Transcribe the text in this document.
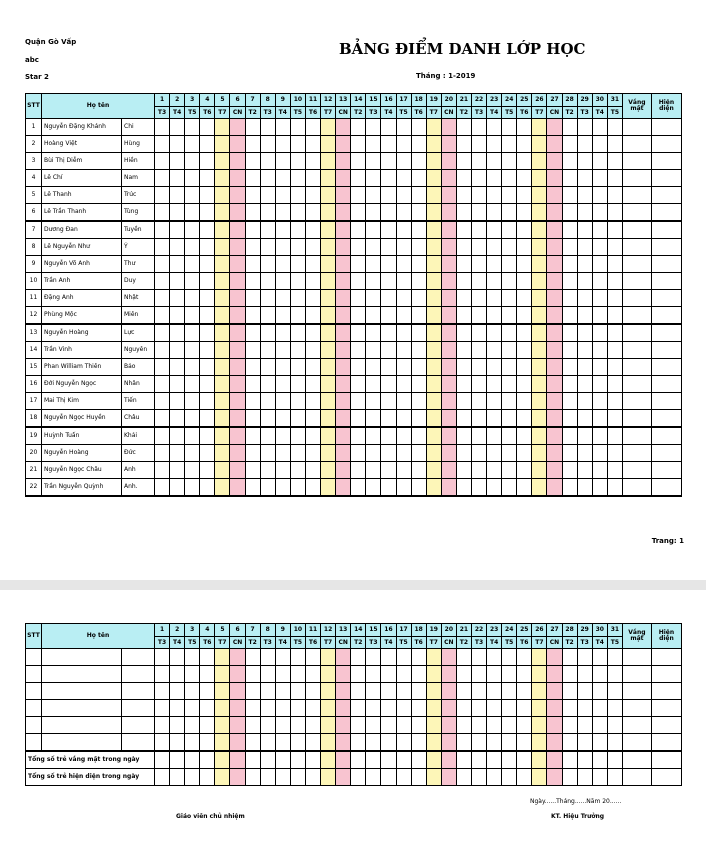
Quận Gò Vấp
abc
Star 2
BẢNG ĐIỂM DANH LỚP HỌC
Tháng : 1-2019
STT	Họ tên		1	2	3	4	5	6	7	8	9	10	11	12	13	14	15	16	17	18	19	20	21	22	23	24	25	26	27	28	29	30	31	Vắng mặt	Hiện diện
			T3	T4	T5	T6	T7	CN	T2	T3	T4	T5	T6	T7	CN	T2	T3	T4	T5	T6	T7	CN	T2	T3	T4	T5	T6	T7	CN	T2	T3	T4	T5		
1	Nguyễn Đặng Khánh	Chi																																	
2	Hoàng Việt	Hùng																																	
3	Bùi Thị Diễm	Hiền																																	
4	Lê Chí	Nam																																	
5	Lê Thanh	Trúc																																	
6	Lê Trần Thanh	Tùng																																	
7	Dương Đan	Tuyền																																	
8	Lê Nguyễn Như	Ý																																	
9	Nguyễn Võ Anh	Thư																																	
10	Trần Anh	Duy																																	
11	Đặng Anh	Nhật																																	
12	Phùng Mộc	Miên																																	
13	Nguyễn Hoàng	Lực																																	
14	Trần Vinh	Nguyên																																	
15	Phan William Thiên	Bảo																																	
16	Đới Nguyễn Ngọc	Nhân																																	
17	Mai Thị Kim	Tiến																																	
18	Nguyễn Ngọc Huyền	Châu																																	
19	Huỳnh Tuấn	Khải																																	
20	Nguyễn Hoàng	Đức																																	
21	Nguyễn Ngọc Châu	Anh																																	
22	Trần Nguyễn Quỳnh	Anh.																																	
Trang: 1
STT	Họ tên		1	2	3	4	5	6	7	8	9	10	11	12	13	14	15	16	17	18	19	20	21	22	23	24	25	26	27	28	29	30	31	Vắng mặt	Hiện diện
			T3	T4	T5	T6	T7	CN	T2	T3	T4	T5	T6	T7	CN	T2	T3	T4	T5	T6	T7	CN	T2	T3	T4	T5	T6	T7	CN	T2	T3	T4	T5		

Tổng số trẻ vắng mặt trong ngày																																			
Tổng số trẻ hiện diện trong ngày																																			
Ngày......Tháng......Năm 20......
Giáo viên chủ nhiệm	KT. Hiệu Trưởng
